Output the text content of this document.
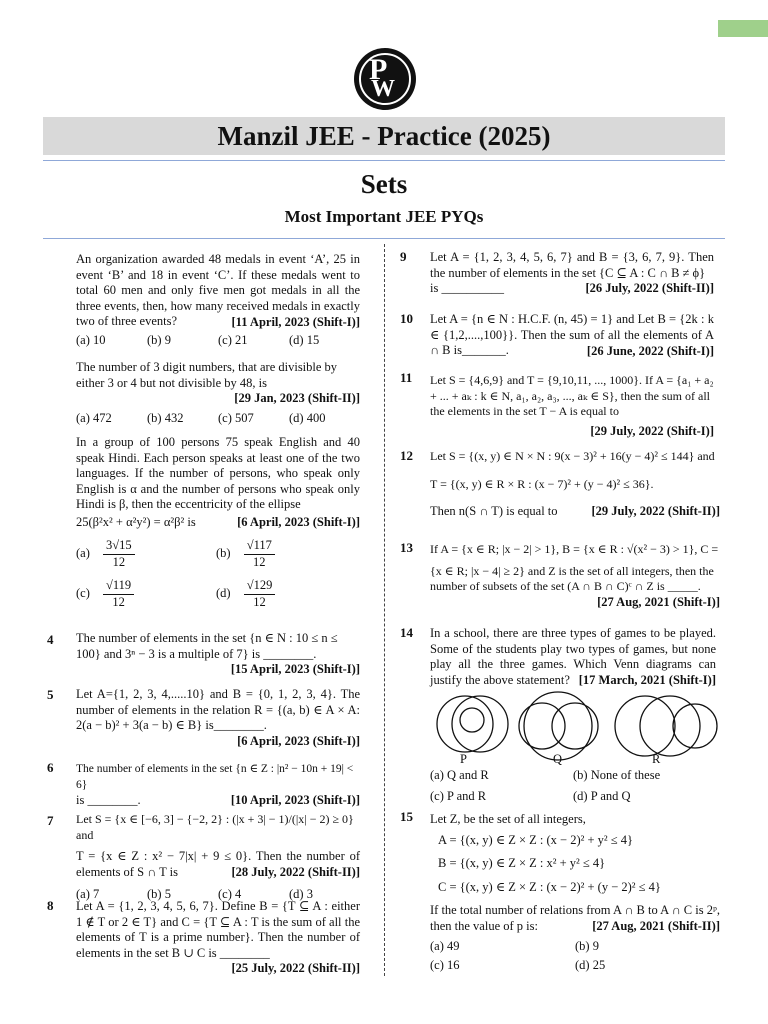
P
W
Manzil JEE - Practice (2025)
Sets
Most Important JEE PYQs
An organization awarded 48 medals in event ‘A’, 25 in event ‘B’ and 18 in event ‘C’. If these medals went to total 60 men and only five men got medals in all the three events, then, how many received medals in exactly two of three events?	[11 April, 2023 (Shift-I)]
(a) 10	(b) 9	(c) 21	(d) 15
The number of 3 digit numbers, that are divisible by either 3 or 4 but not divisible by 48, is
[29 Jan, 2023 (Shift-II)]
(a) 472	(b) 432	(c) 507	(d) 400
In a group of 100 persons 75 speak English and 40 speak Hindi. Each person speaks at least one of the two languages. If the number of persons, who speak only English is α and the number of persons who speak only Hindi is β, then the eccentricity of the ellipse
25(β²x² + α²y²) = α²β² is	[6 April, 2023 (Shift-I)]
$(a) \frac{3√15}{12}$	$(b) \frac{√117}{12}$
$(c) \frac{√119}{12}$	$(d) \frac{√129}{12}$
4 The number of elements in the set {n ∈ N : 10 ≤ n ≤ 100} and 3ⁿ − 3 is a multiple of 7} is ________.
[15 April, 2023 (Shift-I)]
5 Let A={1, 2, 3, 4,.....10} and B = {0, 1, 2, 3, 4}. The number of elements in the relation R = {(a, b) ∈ A × A: 2(a − b)² + 3(a − b) ∈ B} is________.
[6 April, 2023 (Shift-I)]
6 The number of elements in the set {n ∈ Z : |n² − 10n + 19| < 6}
is ________.	[10 April, 2023 (Shift-I)]
7 Let S = {x ∈ [−6, 3] − {−2, 2} : (|x + 3| − 1)/(|x| − 2) ≥ 0} and
T = {x ∈ Z : x² − 7|x| + 9 ≤ 0}. Then the number of elements of S ∩ T is	[28 July, 2022 (Shift-II)]
(a) 7	(b) 5	(c) 4	(d) 3
8 Let A = {1, 2, 3, 4, 5, 6, 7}. Define B = {T ⊆ A : either 1 ∉ T or 2 ∈ T} and C = {T ⊆ A : T is the sum of all the elements of T is a prime number}. Then the number of elements in the set B ∪ C is ________
[25 July, 2022 (Shift-II)]
9 Let A = {1, 2, 3, 4, 5, 6, 7} and B = {3, 6, 7, 9}. Then the number of elements in the set {C ⊆ A : C ∩ B ≠ ϕ}
is __________	[26 July, 2022 (Shift-II)]
10 Let A = {n ∈ N : H.C.F. (n, 45) = 1} and Let B = {2k : k ∈ {1,2,....,100}}. Then the sum of all the elements of A ∩ B is_______.	[26 June, 2022 (Shift-I)]
11 Let S = {4,6,9} and T = {9,10,11, ..., 1000}. If A = {a₁ + a₂ + ... + aₖ : k ∈ N, a₁, a₂, a₃, ..., aₖ ∈ S}, then the sum of all the elements in the set T − A is equal to
[29 July, 2022 (Shift-I)]
12 Let S = {(x, y) ∈ N × N : 9(x − 3)² + 16(y − 4)² ≤ 144} and
T = {(x, y) ∈ R × R : (x − 7)² + (y − 4)² ≤ 36}.
Then n(S ∩ T) is equal to	[29 July, 2022 (Shift-II)]
13 If A = {x ∈ R; |x − 2| > 1}, B = {x ∈ R : √(x² − 3) > 1}, C =
{x ∈ R; |x − 4| ≥ 2} and Z is the set of all integers, then the number of subsets of the set (A ∩ B ∩ C)ᶜ ∩ Z is _____.
[27 Aug, 2021 (Shift-I)]
14 In a school, there are three types of games to be played. Some of the students play two types of games, but none play all the three games. Which Venn diagrams can justify the above statement? [17 March, 2021 (Shift-I)]
P	Q	R
(a) Q and R	(b) None of these
(c) P and R	(d) P and Q
15 Let Z, be the set of all integers,
A = {(x, y) ∈ Z × Z : (x − 2)² + y² ≤ 4}
B = {(x, y) ∈ Z × Z : x² + y² ≤ 4}
C = {(x, y) ∈ Z × Z : (x − 2)² + (y − 2)² ≤ 4}
If the total number of relations from A ∩ B to A ∩ C is 2ᵖ, then the value of p is:	[27 Aug, 2021 (Shift-II)]
(a) 49	(b) 9
(c) 16	(d) 25
